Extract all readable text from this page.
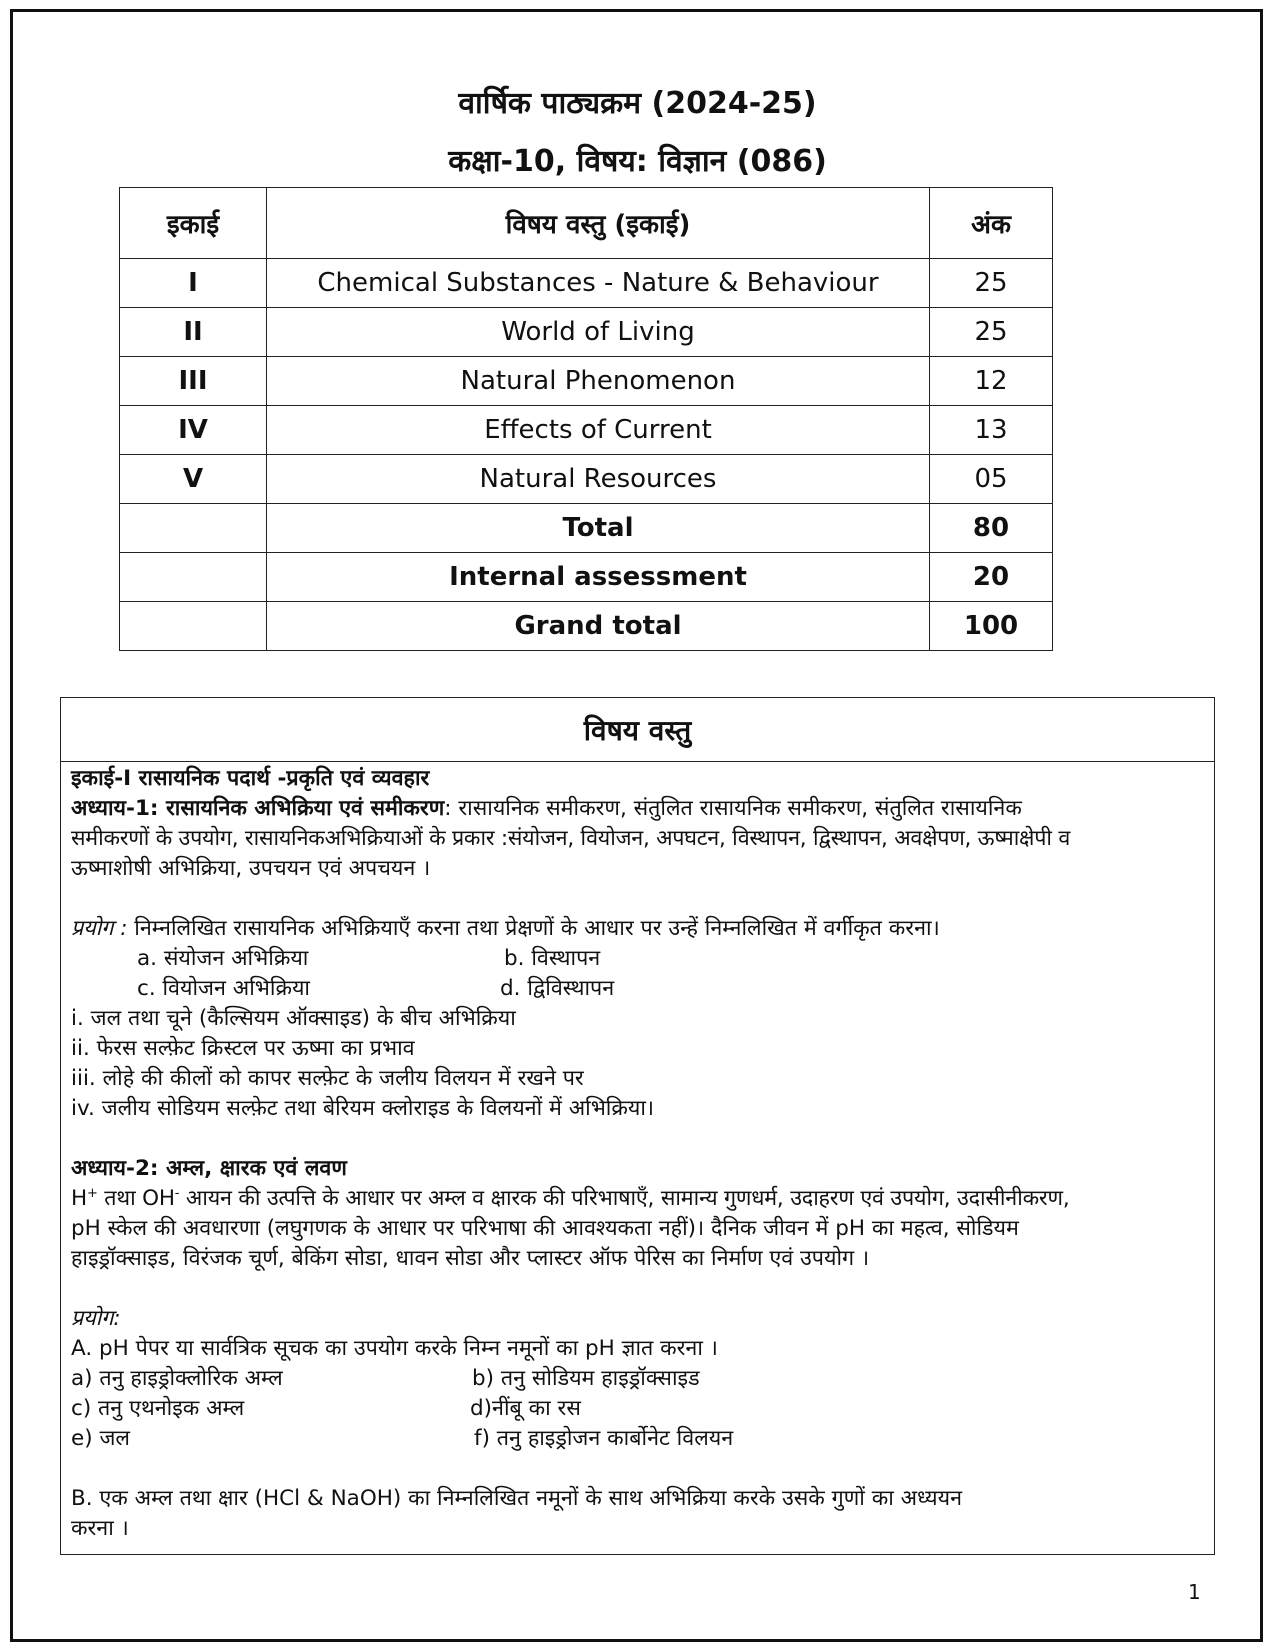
वार्षिक पाठ्यक्रम (2024-25)
कक्षा-10, विषय: विज्ञान (086)
इकाई	विषय वस्तु (इकाई)	अंक
I	Chemical Substances - Nature & Behaviour	25
II	World of Living	25
III	Natural Phenomenon	12
IV	Effects of Current	13
V	Natural Resources	05
	Total	80
	Internal assessment	20
	Grand total	100
विषय वस्तु
इकाई-I रासायनिक पदार्थ -प्रकृति एवं व्यवहार
अध्याय-1: रासायनिक अभिक्रिया एवं समीकरण: रासायनिक समीकरण, संतुलित रासायनिक समीकरण, संतुलित रासायनिक
समीकरणों के उपयोग, रासायनिकअभिक्रियाओं के प्रकार :संयोजन, वियोजन, अपघटन, विस्थापन, द्विस्थापन, अवक्षेपण, ऊष्माक्षेपी व
ऊष्माशोषी अभिक्रिया, उपचयन एवं अपचयन ।
प्रयोग : निम्नलिखित रासायनिक अभिक्रियाएँ करना तथा प्रेक्षणों के आधार पर उन्हें निम्नलिखित में वर्गीकृत करना।
a. संयोजन अभिक्रिया	b. विस्थापन
c. वियोजन अभिक्रिया	d. द्विविस्थापन
i. जल तथा चूने (कैल्सियम ऑक्साइड) के बीच अभिक्रिया
ii. फेरस सल्फ़ेट क्रिस्टल पर ऊष्मा का प्रभाव
iii. लोहे की कीलों को कापर सल्फ़ेट के जलीय विलयन में रखने पर
iv. जलीय सोडियम सल्फ़ेट तथा बेरियम क्लोराइड के विलयनों में अभिक्रिया।
अध्याय-2: अम्ल, क्षारक एवं लवण
H+ तथा OH- आयन की उत्पत्ति के आधार पर अम्ल व क्षारक की परिभाषाएँ, सामान्य गुणधर्म, उदाहरण एवं उपयोग, उदासीनीकरण,
pH स्केल की अवधारणा (लघुगणक के आधार पर परिभाषा की आवश्यकता नहीं)। दैनिक जीवन में pH का महत्व, सोडियम
हाइड्रॉक्साइड, विरंजक चूर्ण, बेकिंग सोडा, धावन सोडा और प्लास्टर ऑफ पेरिस का निर्माण एवं उपयोग ।
प्रयोग:
A. pH पेपर या सार्वत्रिक सूचक का उपयोग करके निम्न नमूनों का pH ज्ञात करना ।
a) तनु हाइड्रोक्लोरिक अम्ल	b) तनु सोडियम हाइड्रॉक्साइड
c) तनु एथनोइक अम्ल	d)नींबू का रस
e) जल	f) तनु हाइड्रोजन कार्बोनेट विलयन
B. एक अम्ल तथा क्षार (HCl & NaOH) का निम्नलिखित नमूनों के साथ अभिक्रिया करके उसके गुणों का अध्ययन
करना ।
1
